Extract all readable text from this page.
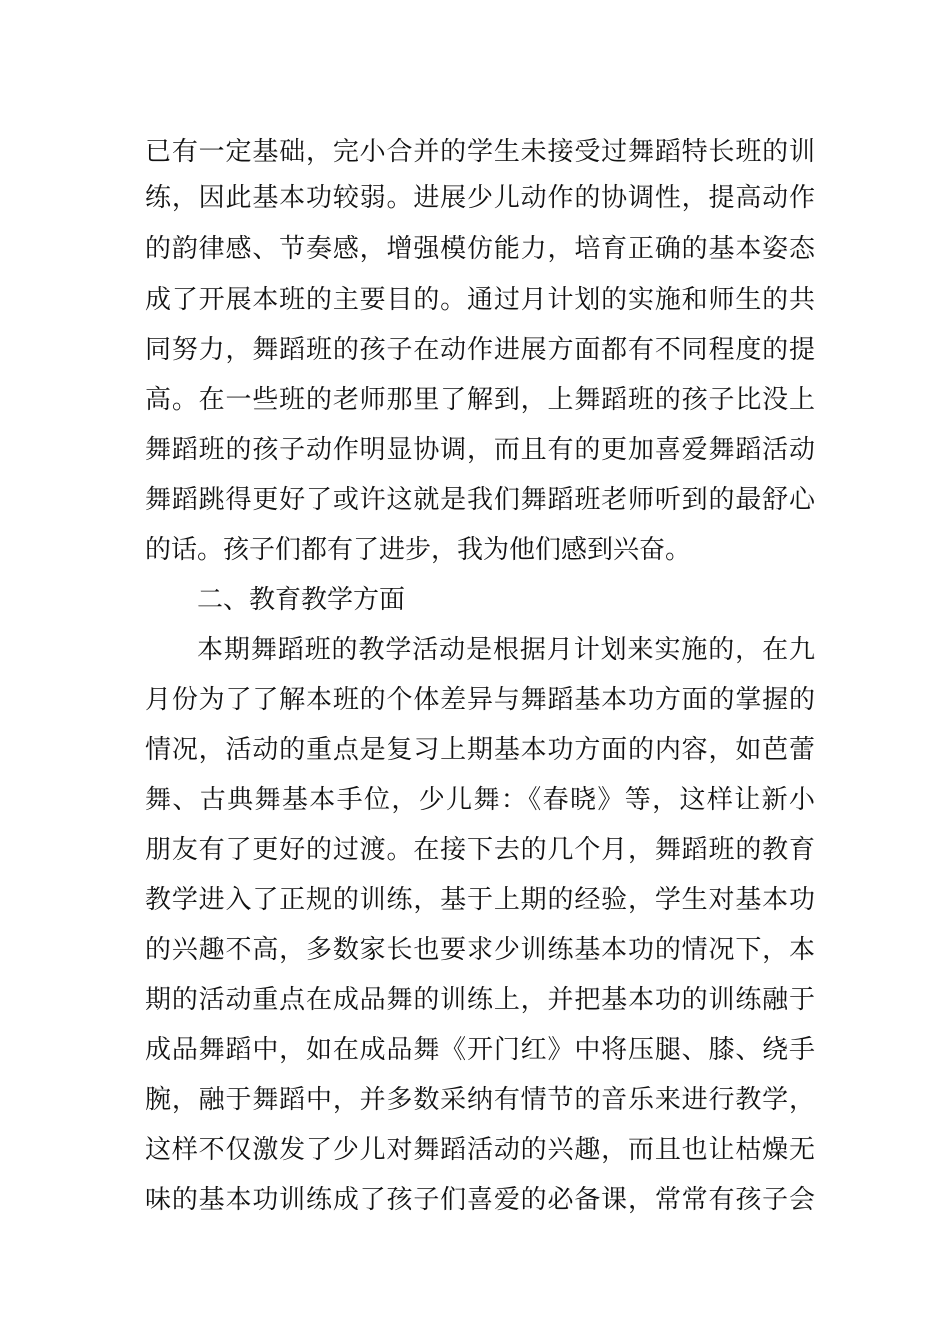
已有一定基础，完小合并的学生未接受过舞蹈特长班的训
练，因此基本功较弱。进展少儿动作的协调性，提高动作
的韵律感、节奏感，增强模仿能力，培育正确的基本姿态
成了开展本班的主要目的。通过月计划的实施和师生的共
同努力，舞蹈班的孩子在动作进展方面都有不同程度的提
高。在一些班的老师那里了解到，上舞蹈班的孩子比没上
舞蹈班的孩子动作明显协调，而且有的更加喜爱舞蹈活动
舞蹈跳得更好了或许这就是我们舞蹈班老师听到的最舒心
的话。孩子们都有了进步，我为他们感到兴奋。
二、教育教学方面
本期舞蹈班的教学活动是根据月计划来实施的，在九
月份为了了解本班的个体差异与舞蹈基本功方面的掌握的
情况，活动的重点是复习上期基本功方面的内容，如芭蕾
舞、古典舞基本手位，少儿舞：《春晓》等，这样让新小
朋友有了更好的过渡。在接下去的几个月，舞蹈班的教育
教学进入了正规的训练，基于上期的经验，学生对基本功
的兴趣不高，多数家长也要求少训练基本功的情况下，本
期的活动重点在成品舞的训练上，并把基本功的训练融于
成品舞蹈中，如在成品舞《开门红》中将压腿、膝、绕手
腕，融于舞蹈中，并多数采纳有情节的音乐来进行教学，
这样不仅激发了少儿对舞蹈活动的兴趣，而且也让枯燥无
味的基本功训练成了孩子们喜爱的必备课，常常有孩子会
